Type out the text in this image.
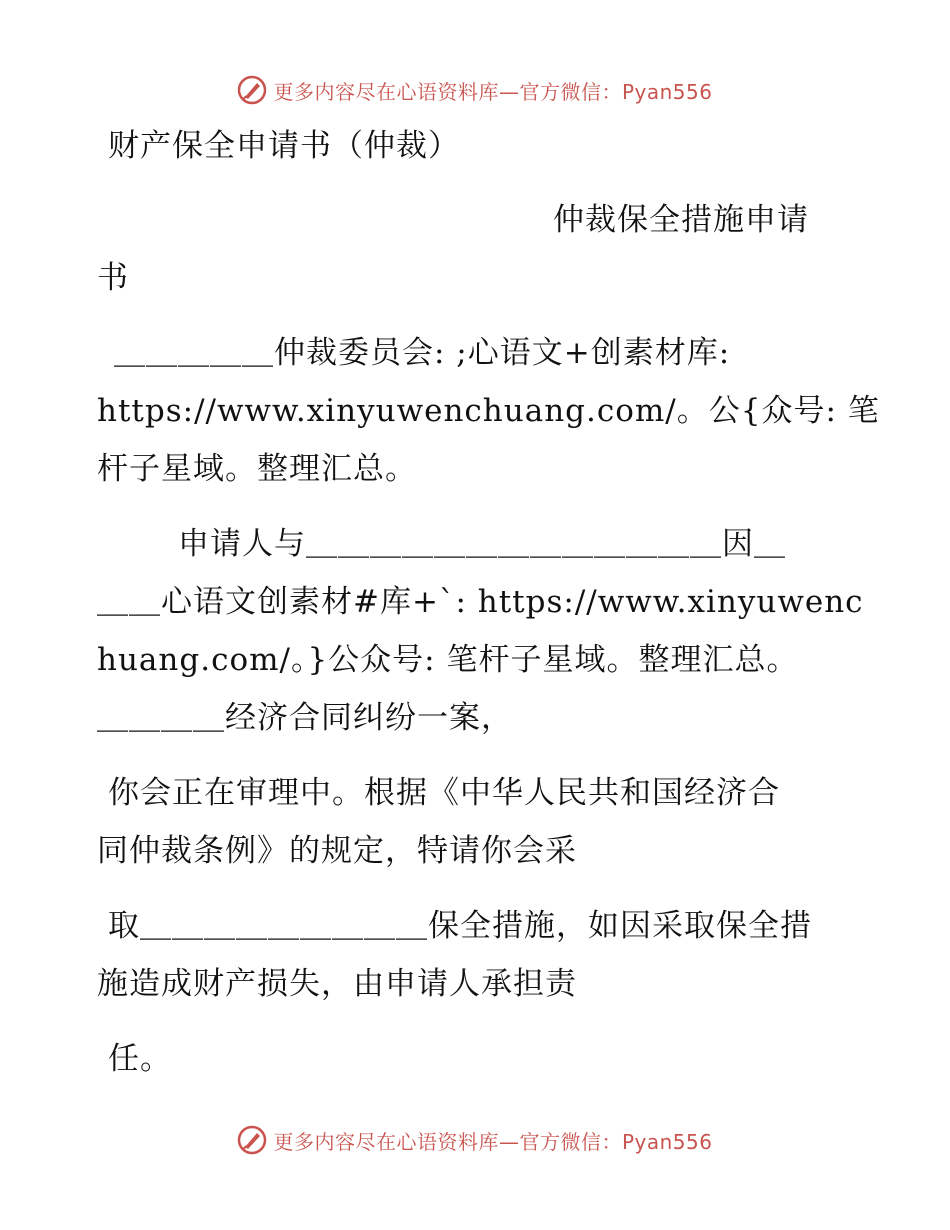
更多内容尽在心语资料库—官方微信：Pyan556
财产保全申请书（仲裁）
仲裁保全措施申请
书
＿＿＿＿＿仲裁委员会: ;心语文+创素材库:
https://www.xinyuwenchuang.com/。公{众号: 笔
杆子星域。整理汇总。
申请人与＿＿＿＿＿＿＿＿＿＿＿＿＿因＿
＿＿心语文创素材#库+`: https://www.xinyuwenc
huang.com/。}公众号: 笔杆子星域。整理汇总。
＿＿＿＿经济合同纠纷一案，
你会正在审理中。根据《中华人民共和国经济合
同仲裁条例》的规定，特请你会采
取＿＿＿＿＿＿＿＿＿保全措施，如因采取保全措
施造成财产损失，由申请人承担责
任。
更多内容尽在心语资料库—官方微信：Pyan556
